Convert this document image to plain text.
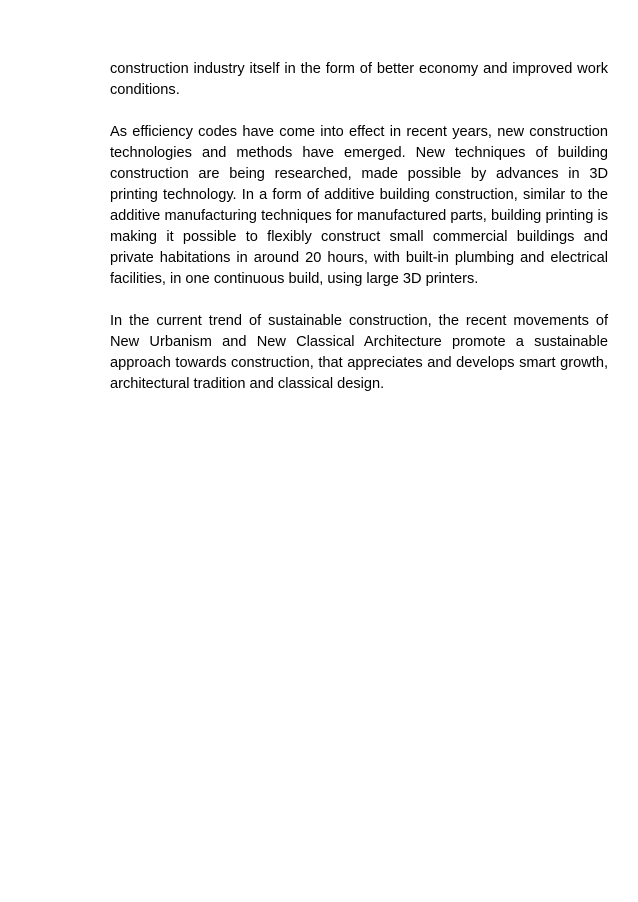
construction industry itself in the form of better economy and improved work conditions.

As efficiency codes have come into effect in recent years, new construction technologies and methods have emerged. New techniques of building construction are being researched, made possible by advances in 3D printing technology. In a form of additive building construction, similar to the additive manufacturing techniques for manufactured parts, building printing is making it possible to flexibly construct small commercial buildings and private habitations in around 20 hours, with built-in plumbing and electrical facilities, in one continuous build, using large 3D printers.

In the current trend of sustainable construction, the recent movements of New Urbanism and New Classical Architecture promote a sustainable approach towards construction, that appreciates and develops smart growth, architectural tradition and classical design.
